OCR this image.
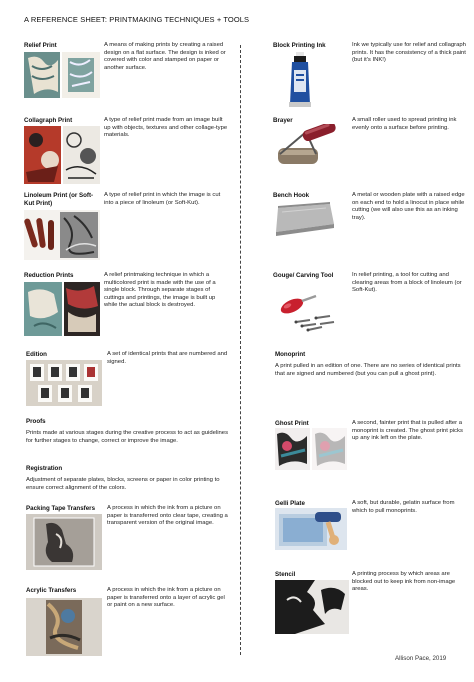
A REFERENCE SHEET: PRINTMAKING TECHNIQUES + TOOLS
Relief Print	A means of making prints by creating a raised design on a flat surface. The design is inked or covered with color and stamped on paper or another surface.
Collagraph Print	A type of relief print made from an image built up with objects, textures and other collage-type materials.
Linoleum Print (or Soft-Kut Print)
A type of relief print in which the image is cut into a piece of linoleum (or Soft-Kut).
Reduction Prints	A relief printmaking technique in which a multicolored print is made with the use of a single block. Through separate stages of cuttings and printings, the image is built up while the actual block is destroyed.
Edition	A set of identical prints that are numbered and signed.
Proofs
Prints made at various stages during the creative process to act as guidelines for further stages to change, correct or improve the image.
Registration
Adjustment of separate plates, blocks, screens or paper in color printing to ensure correct alignment of the colors.
Packing Tape Transfers	A process in which the ink from a picture on paper is transferred onto clear tape, creating a transparent version of the original image.
Acrylic Transfers	A process in which the ink from a picture on paper is transferred onto a layer of acrylic gel or paint on a new surface.
Block Printing Ink	Ink we typically use for relief and collagraph prints. It has the consistency of a thick paint (but it's INK!)
Brayer	A small roller used to spread printing ink evenly onto a surface before printing.
Bench Hook	A metal or wooden plate with a raised edge on each end to hold a linocut in place while cutting (we will also use this as an inking tray).
Gouge/ Carving Tool	In relief printing, a tool for cutting and clearing areas from a block of linoleum (or Soft-Kut).
Monoprint
A print pulled in an edition of one. There are no series of identical prints that are signed and numbered (but you can pull a ghost print).
Ghost Print	A second, fainter print that is pulled after a monoprint is created. The ghost print picks up any ink left on the plate.
Gelli Plate	A soft, but durable, gelatin surface from which to pull monoprints.
Stencil	A printing process by which areas are blocked out to keep ink from non-image areas.
Allison Pace, 2019
